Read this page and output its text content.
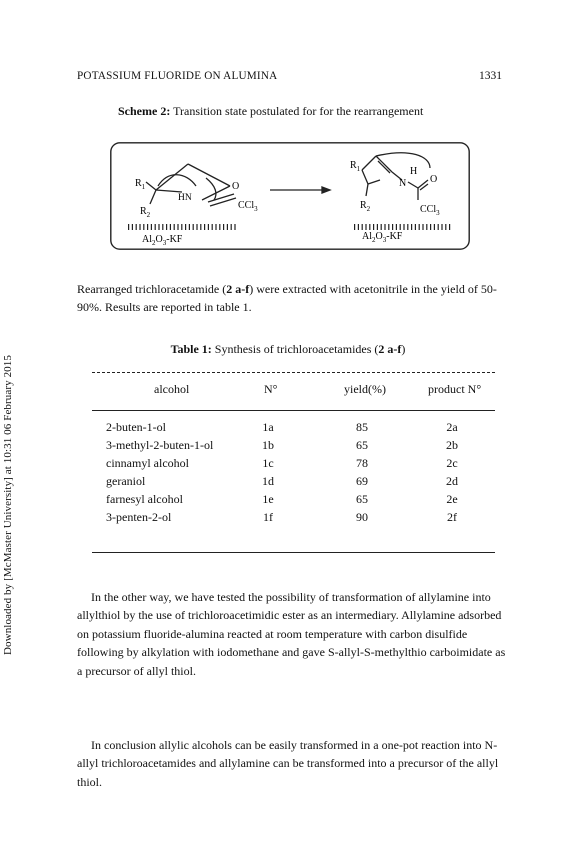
Downloaded by [McMaster University] at 10:31 06 February 2015
POTASSIUM FLUORIDE ON ALUMINA	1331
Scheme 2: Transition state postulated for for the rearrangement
$R_1$
$R_2$
HN
O
CCl$_3$
$Al_2O_3-KF$
$R_1$
N
H
O
$R_2$	CCl$_3$
$Al_2O_3-KF$

Rearranged trichloracetamide (2 a-f) were extracted with acetonitrile in the yield of 50-90%. Results are reported in table 1.

Table 1: Synthesis of trichloroacetamides (2 a-f)
alcohol	N°	yield(%)	product N°
2-buten-1-ol	1a	85	2a
3-methyl-2-buten-1-ol	1b	65	2b
cinnamyl alcohol	1c	78	2c
geraniol	1d	69	2d
farnesyl alcohol	1e	65	2e
3-penten-2-ol	1f	90	2f

In the other way, we have tested the possibility of transformation of allylamine into allylthiol by the use of trichloroacetimidic ester as an intermediary. Allylamine adsorbed on potassium fluoride-alumina reacted at room temperature with carbon disulfide following by alkylation with iodomethane and gave S-allyl-S-methylthio carboimidate as a precursor of allyl thiol.

In conclusion allylic alcohols can be easily transformed in a one-pot reaction into N-allyl trichloroacetamides and allylamine can be transformed into a precursor of the allyl thiol.
